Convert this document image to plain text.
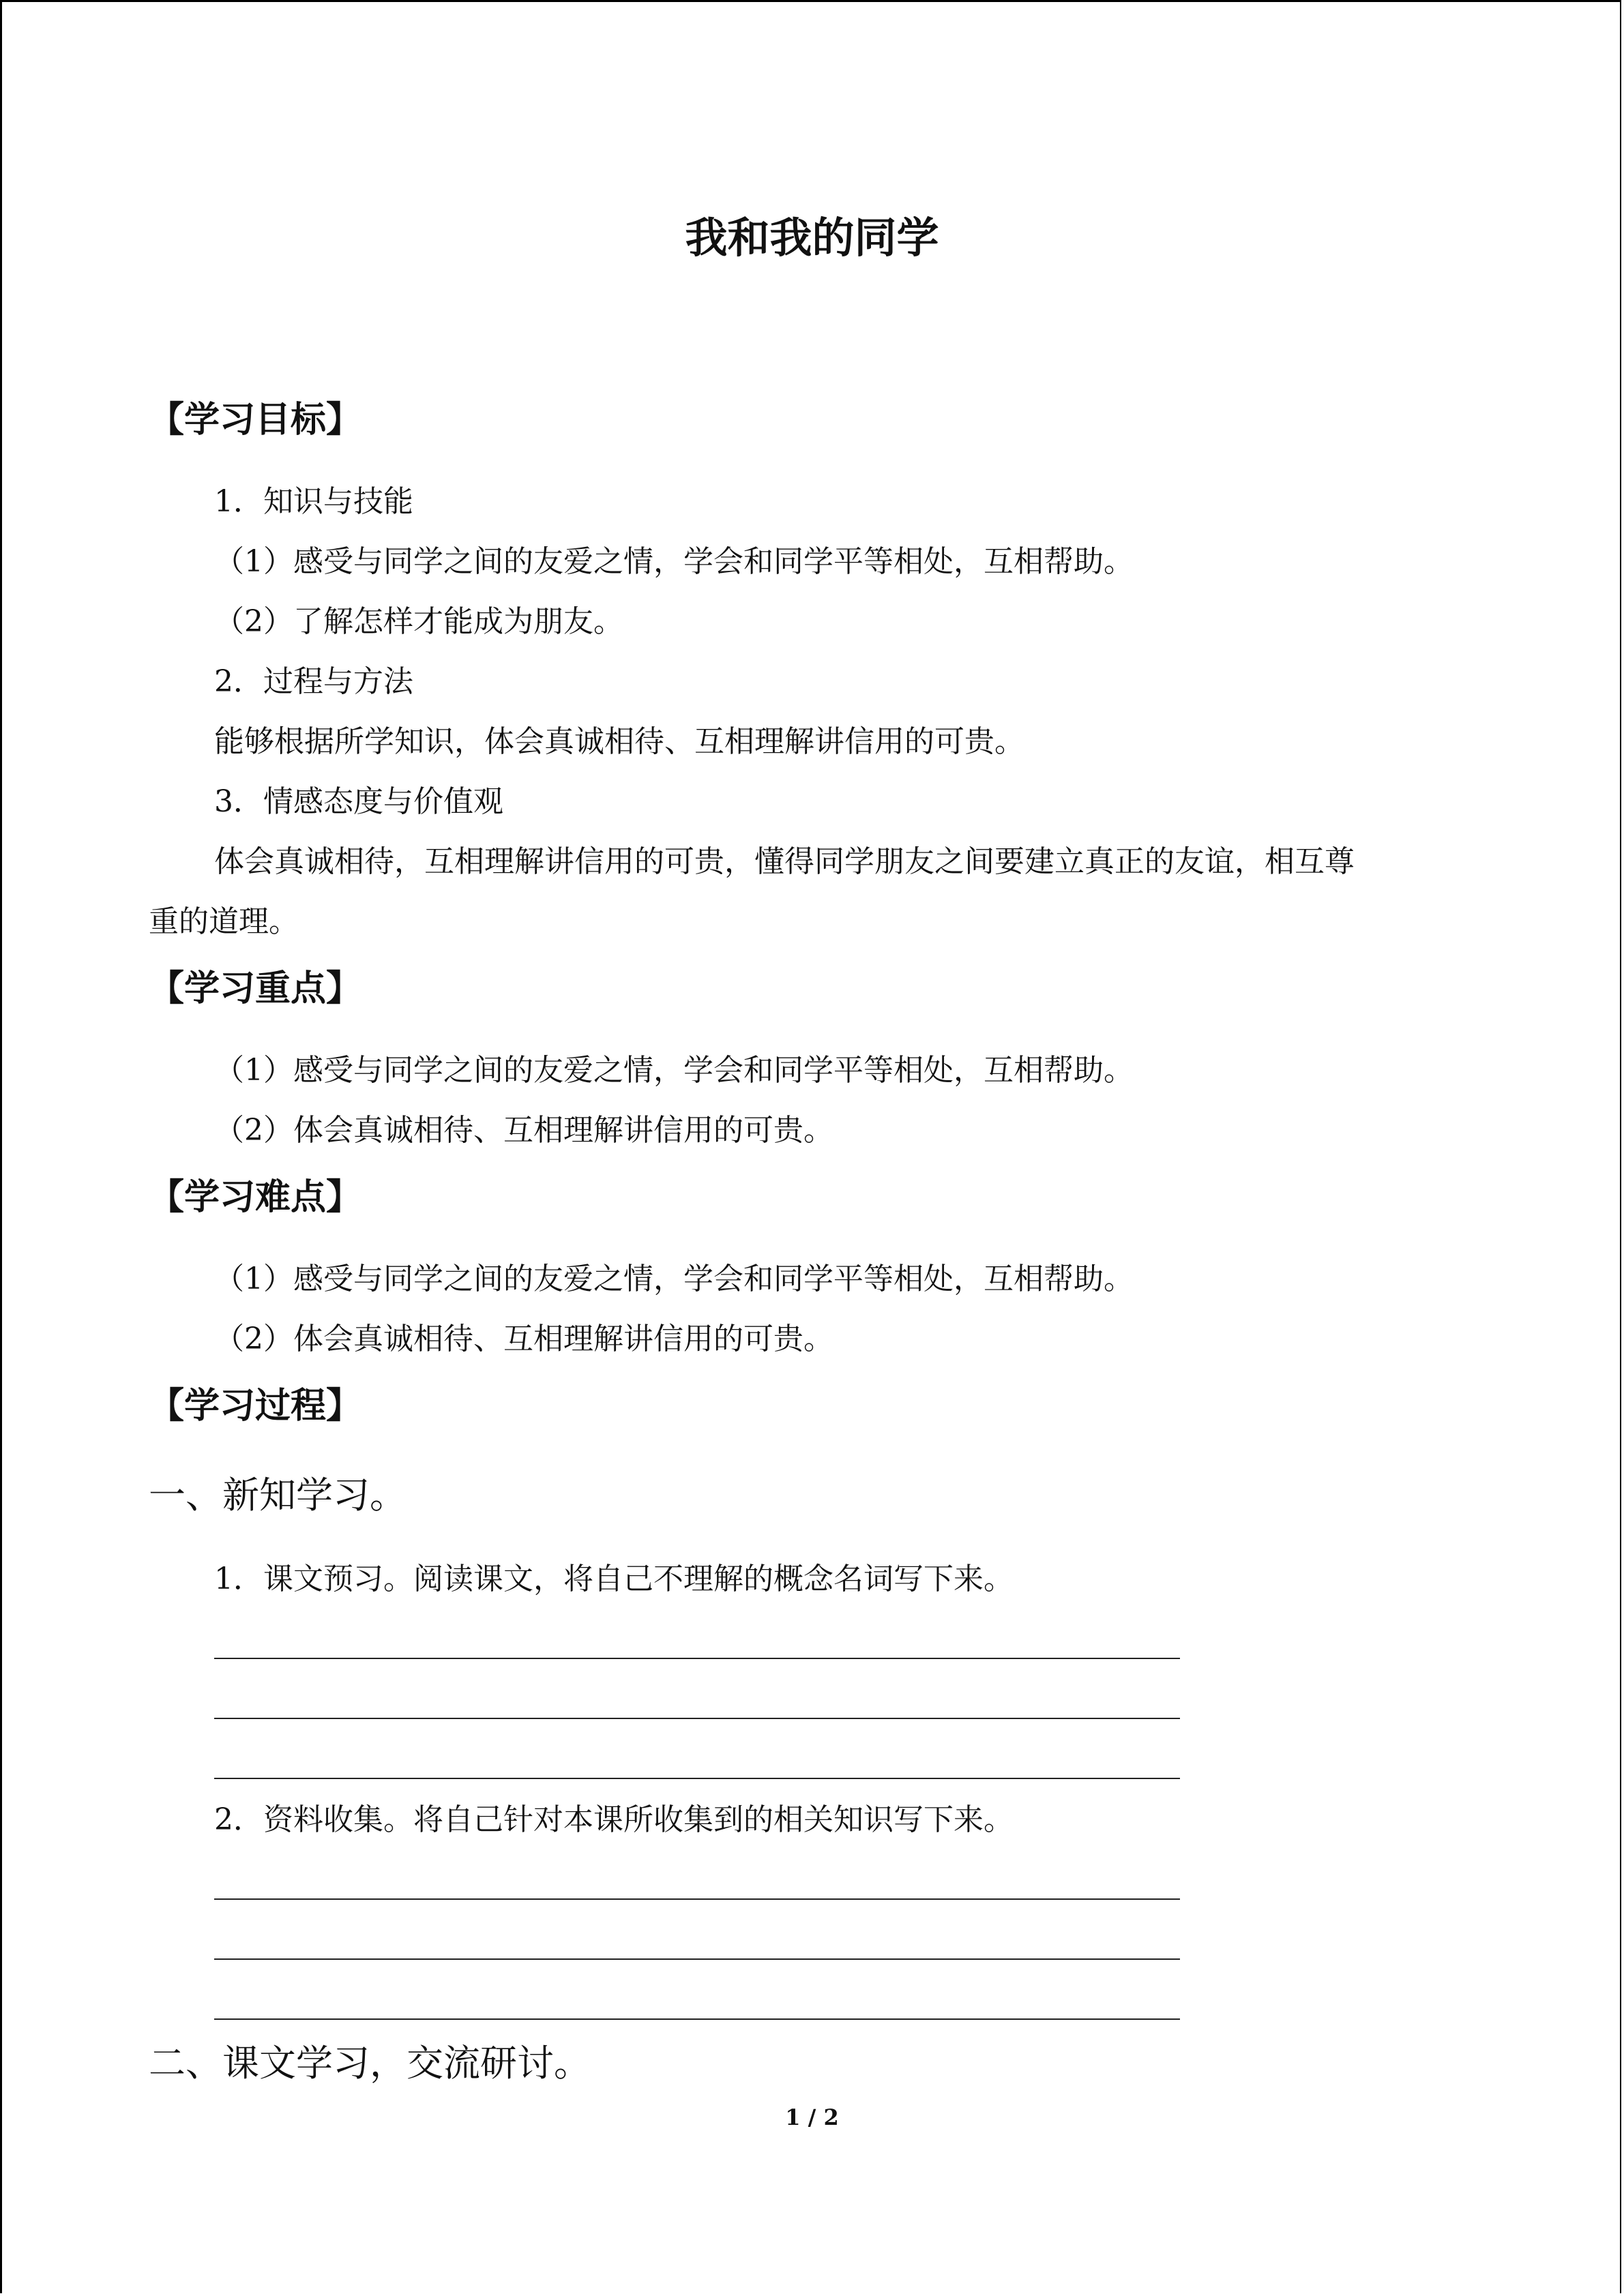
我和我的同学
【学习目标】
1．知识与技能
（1）感受与同学之间的友爱之情，学会和同学平等相处，互相帮助。
（2）了解怎样才能成为朋友。
2．过程与方法
能够根据所学知识，体会真诚相待、互相理解讲信用的可贵。
3．情感态度与价值观
体会真诚相待，互相理解讲信用的可贵，懂得同学朋友之间要建立真正的友谊，相互尊
重的道理。
【学习重点】
（1）感受与同学之间的友爱之情，学会和同学平等相处，互相帮助。
（2）体会真诚相待、互相理解讲信用的可贵。
【学习难点】
（1）感受与同学之间的友爱之情，学会和同学平等相处，互相帮助。
（2）体会真诚相待、互相理解讲信用的可贵。
【学习过程】
一、新知学习。
1．课文预习。阅读课文，将自己不理解的概念名词写下来。
2．资料收集。将自己针对本课所收集到的相关知识写下来。
二、课文学习，交流研讨。
1 / 2
